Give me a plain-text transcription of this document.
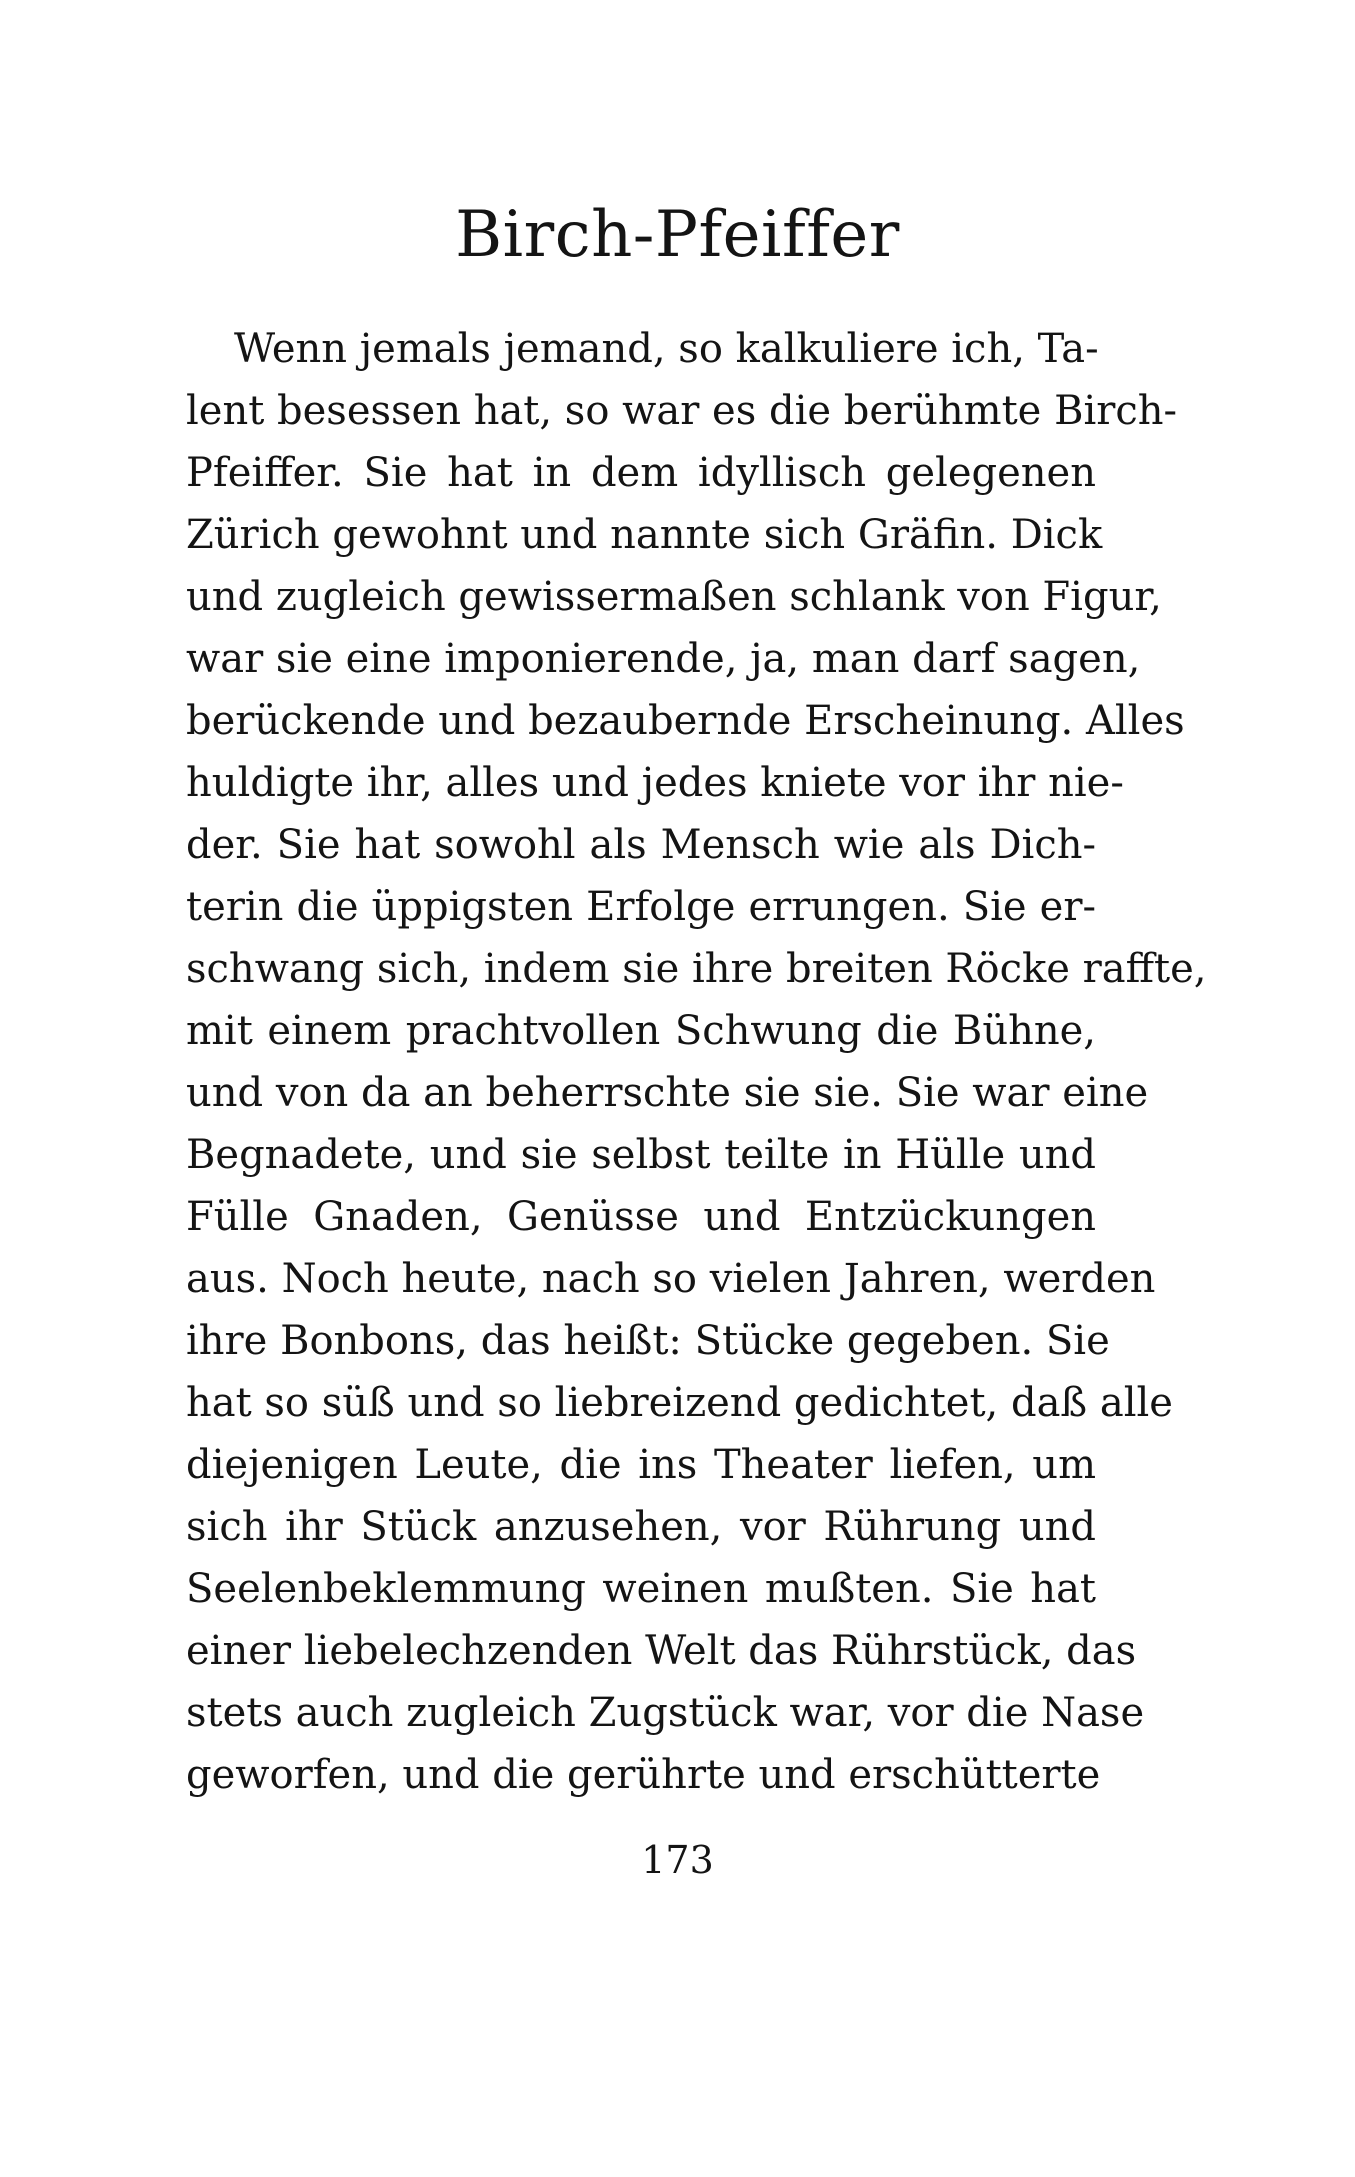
Birch-Pfeiffer
Wenn jemals jemand, so kalkuliere ich, Ta-
lent besessen hat, so war es die berühmte Birch-
Pfeiffer. Sie hat in dem idyllisch gelegenen
Zürich gewohnt und nannte sich Gräfin. Dick
und zugleich gewissermaßen schlank von Figur,
war sie eine imponierende, ja, man darf sagen,
berückende und bezaubernde Erscheinung. Alles
huldigte ihr, alles und jedes kniete vor ihr nie-
der. Sie hat sowohl als Mensch wie als Dich-
terin die üppigsten Erfolge errungen. Sie er-
schwang sich, indem sie ihre breiten Röcke raffte,
mit einem prachtvollen Schwung die Bühne,
und von da an beherrschte sie sie. Sie war eine
Begnadete, und sie selbst teilte in Hülle und
Fülle Gnaden, Genüsse und Entzückungen
aus. Noch heute, nach so vielen Jahren, werden
ihre Bonbons, das heißt: Stücke gegeben. Sie
hat so süß und so liebreizend gedichtet, daß alle
diejenigen Leute, die ins Theater liefen, um
sich ihr Stück anzusehen, vor Rührung und
Seelenbeklemmung weinen mußten. Sie hat
einer liebelechzenden Welt das Rührstück, das
stets auch zugleich Zugstück war, vor die Nase
geworfen, und die gerührte und erschütterte
173
